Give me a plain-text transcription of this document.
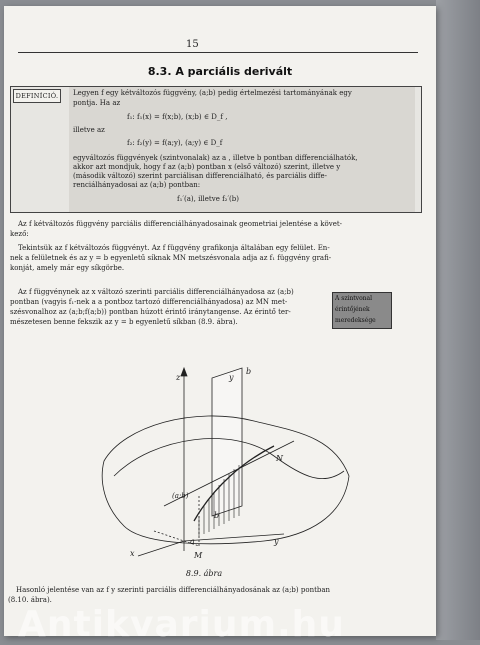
15
8.3. A parciális derivált
DEFINÍCIÓ.	Legyen f egy kétváltozós függvény, (a;b) pedig értelmezési tartományának egy
pontja. Ha az
f₁: f₁(x) = f(x;b), (x;b) ∈ D_f ,
illetve az
f₂: f₂(y) = f(a;y), (a;y) ∈ D_f
egyváltozós függvények (szintvonalak) az a , illetve b pontban differenciálhatók,
akkor azt mondjuk, hogy f az (a;b) pontban x (első változó) szerint, illetve y
(második változó) szerint parciálisan differenciálható, és parciális diffe-
renciálhányadosai az (a;b) pontban:
f₁′(a), illetve f₂′(b)
Az f kétváltozós függvény parciális differenciálhányadosainak geometriai jelentése a követ-
kező:
Tekintsük az f kétváltozós függvényt. Az f függvény grafikonja általában egy felület. En-
nek a felületnek és az y = b egyenletű síknak MN metszésvonala adja az f₁ függvény grafi-
konját, amely már egy síkgörbe.
Az f függvénynek az x változó szerinti parciális differenciálhányadosa az (a;b)
pontban (vagyis f₁-nek a a pontboz tartozó differenciálhányadosa) az MN met-
szésvonalhoz az (a;b;f(a;b)) pontban húzott érintő iránytangense. Az érintő ter-
mészetesen benne fekszik az y = b egyenletű síkban (8.9. ábra).
A szintvonal
érintőjének
meredeksége
z	y
b
x
y
b
a
M
N
(a;b)
8.9. ábra
Hasonló jelentése van az f y szerinti parciális differenciálhányadosának az (a;b) pontban
(8.10. ábra).
Antikvarium.hu
